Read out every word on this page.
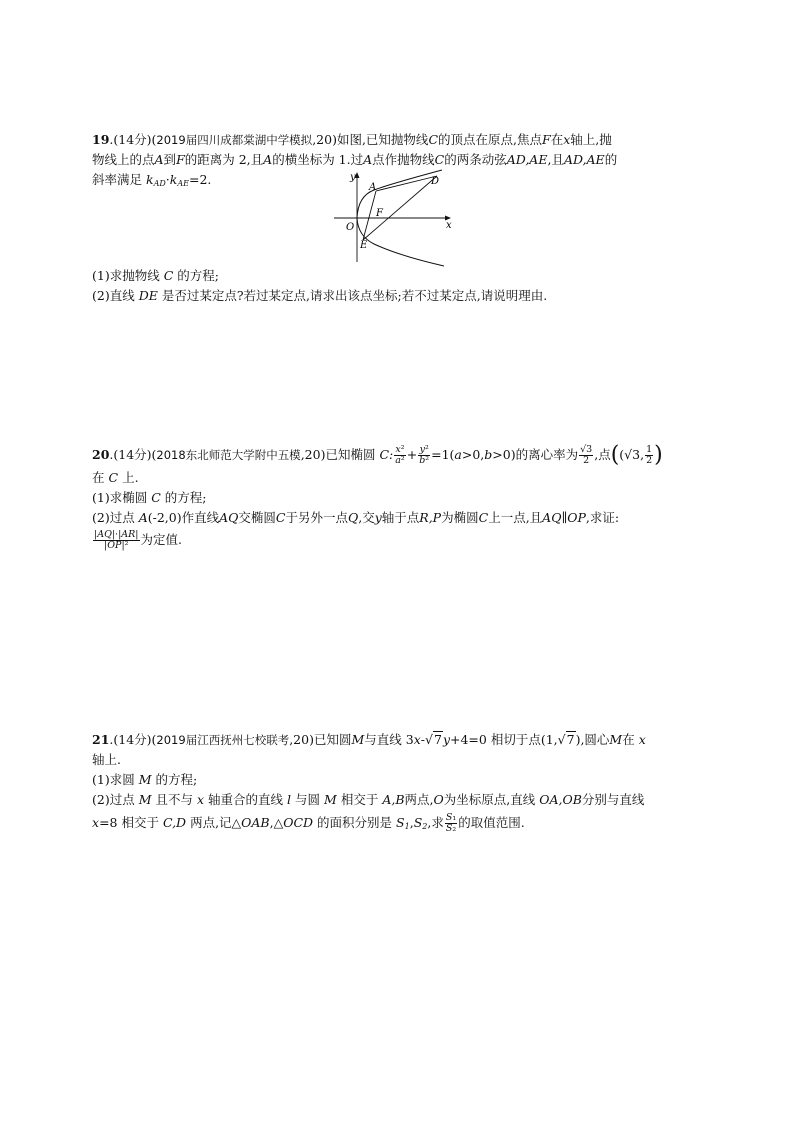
19.(14分)(2019届四川成都棠湖中学模拟,20)如图,已知抛物线C的顶点在原点,焦点F在x轴上,抛
物线上的点A到F的距离为 2,且A的横坐标为 1.过A点作抛物线C的两条动弦AD,AE,且AD,AE的
斜率满足 $k_{AD}\cdot k_{AE}=2$.	y
x
O
A
D
F
E
(1)求抛物线 C 的方程;
(2)直线 DE 是否过某定点?若过某定点,请求出该点坐标;若不过某定点,请说明理由.
20.(14分)(2018东北师范大学附中五模,20)已知椭圆 C: $\frac{\text{x²}}{\text{a²}} + \frac{\text{y²}}{\text{b²}} =1(a>0,b>0)$的离心率为 $\frac{√3}{2}$ ,点((√3, $\frac{1}{2}$ )
在 C 上.
(1)求椭圆 C 的方程;
(2)过点 A(-2,0)作直线AQ交椭圆C于另外一点Q,交y轴于点R,P为椭圆C上一点,且AQ∥OP,求证:
$\frac{|AQ|\cdot|AR|}{\text{|OP|²}}$ 为定值.
21.(14分)(2019届江西抚州七校联考,20)已知圆M与直线 3x-√7y+4=0 相切于点(1,√7),圆心M在 x
轴上.
(1)求圆 M 的方程;
(2)过点 M 且不与 x 轴重合的直线 l 与圆 M 相交于 A,B两点,O为坐标原点,直线 OA,OB分别与直线
x=8 相交于 C,D 两点,记△OAB,△OCD 的面积分别是 $S_1,S_2$,求 $\frac{\text{S₁}}{\text{S₂}}$ 的取值范围.
